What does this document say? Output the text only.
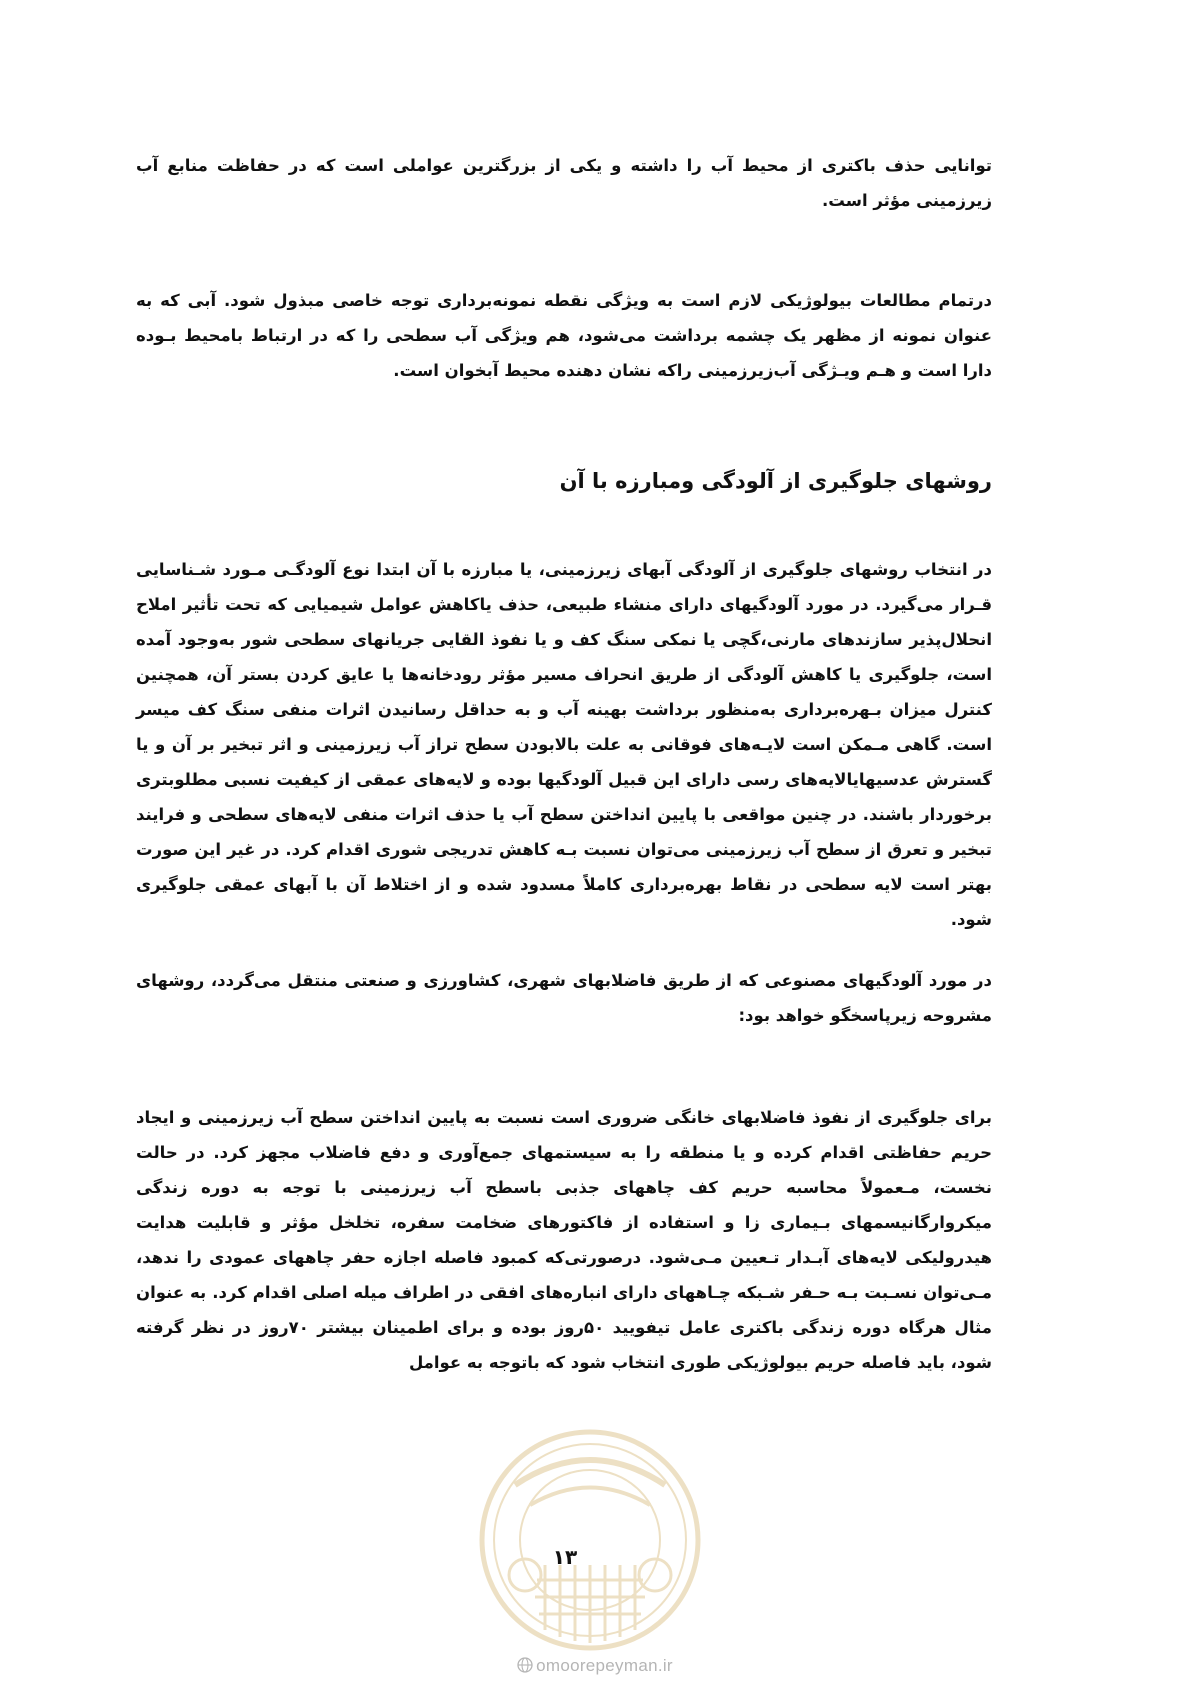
توانایی حذف باکتری از محیط آب را داشته و یکی از بزرگترین عواملی است که در حفاظت منابع آب زیرزمینی مؤثر است.

درتمام مطالعات بیولوژیکی لازم است به ویژگی نقطه نمونه‌برداری توجه خاصی مبذول شود. آبی که به عنوان نمونه از مظهر یک چشمه برداشت می‌شود، هم ویژگی آب سطحی را که در ارتباط بامحیط بـوده دارا است و هـم ویـژگی آب‌زیرزمینی راکه نشان دهنده محیط آبخوان است.

روشهای جلوگیری از آلودگی ومبارزه با آن

در انتخاب روشهای جلوگیری از آلودگی آبهای زیرزمینی، یا مبارزه با آن ابتدا نوع آلودگـی مـورد شـناسایی قـرار می‌گیرد. در مورد آلودگیهای دارای منشاء طبیعی، حذف یاکاهش عوامل شیمیایی که تحت تأثیر املاح انحلال‌پذیر سازندهای مارنی،گچی یا نمکی سنگ کف و یا نفوذ القایی جریانهای سطحی شور به‌وجود آمده است، جلوگیری یا کاهش آلودگی از طریق انحراف مسیر مؤثر رودخانه‌ها یا عایق کردن بستر آن، همچنین کنترل میزان بـهره‌برداری به‌منظور برداشت بهینه آب و به حداقل رسانیدن اثرات منفی سنگ کف میسر است. گاهی مـمکن است لایـه‌های فوقانی به علت بالابودن سطح تراز آب زیرزمینی و اثر تبخیر بر آن و یا گسترش عدسیهایالایه‌های رسی دارای این قبیل آلودگیها بوده و لایه‌های عمقی از کیفیت نسبی مطلوبتری برخوردار باشند. در چنین مواقعی با پایین انداختن سطح آب یا حذف اثرات منفی لایه‌های سطحی و فرایند تبخیر و تعرق از سطح آب زیرزمینی می‌توان نسبت بـه کاهش تدریجی شوری اقدام کرد. در غیر این صورت بهتر است لایه سطحی در نقاط بهره‌برداری کاملاً مسدود شده و از اختلاط آن با آبهای عمقی جلوگیری شود.

در مورد آلودگیهای مصنوعی که از طریق فاضلابهای شهری، کشاورزی و صنعتی منتقل می‌گردد، روشهای مشروحه زیرپاسخگو خواهد بود:

برای جلوگیری از نفوذ فاضلابهای خانگی ضروری است نسبت به پایین انداختن سطح آب زیرزمینی و ایجاد حریم حفاظتی اقدام کرده و یا منطقه را به سیستمهای جمع‌آوری و دفع فاضلاب مجهز کرد. در حالت نخست، مـعمولاً محاسبه حریم کف چاههای جذبی باسطح آب زیرزمینی با توجه به دوره زندگی میکروارگانیسمهای بـیماری زا و استفاده از فاکتورهای ضخامت سفره، تخلخل مؤثر و قابلیت هدایت هیدرولیکی لایه‌های آبـدار تـعیین مـی‌شود. درصورتی‌که کمبود فاصله اجازه حفر چاههای عمودی را ندهد، مـی‌توان نسـبت بـه حـفر شـبکه چـاههای دارای انباره‌های افقی در اطراف میله اصلی اقدام کرد. به عنوان مثال هرگاه دوره زندگی باکتری عامل تیفویید ۵۰روز بوده و برای اطمینان بیشتر ۷۰روز در نظر گرفته شود، باید فاصله حریم بیولوژیکی طوری انتخاب شود که باتوجه به عوامل

۱۳
omoorepeyman.ir
